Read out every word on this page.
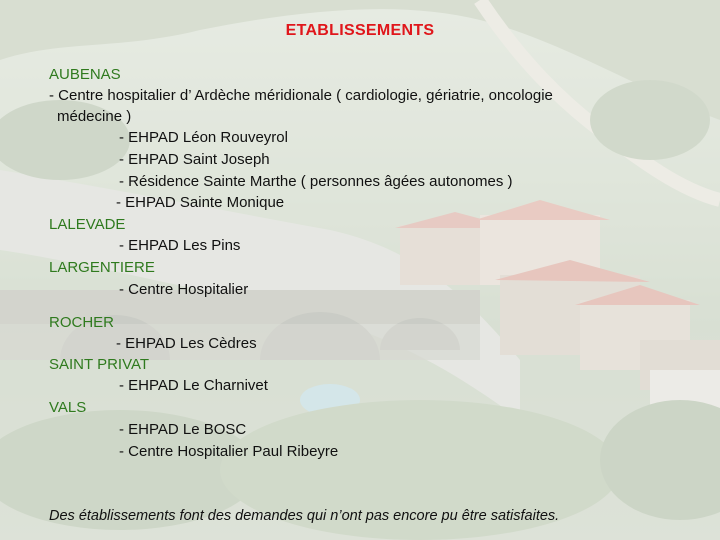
ETABLISSEMENTS
AUBENAS
- Centre hospitalier d’ Ardèche méridionale ( cardiologie, gériatrie, oncologie
médecine )
- EHPAD Léon Rouveyrol
- EHPAD Saint Joseph
- Résidence Sainte Marthe ( personnes âgées autonomes )
- EHPAD Sainte Monique
LALEVADE
- EHPAD Les Pins
LARGENTIERE
- Centre Hospitalier
ROCHER
- EHPAD Les Cèdres
SAINT PRIVAT
- EHPAD Le Charnivet
VALS
- EHPAD Le BOSC
- Centre Hospitalier Paul Ribeyre
Des établissements font des demandes qui n’ont pas encore pu être satisfaites.
